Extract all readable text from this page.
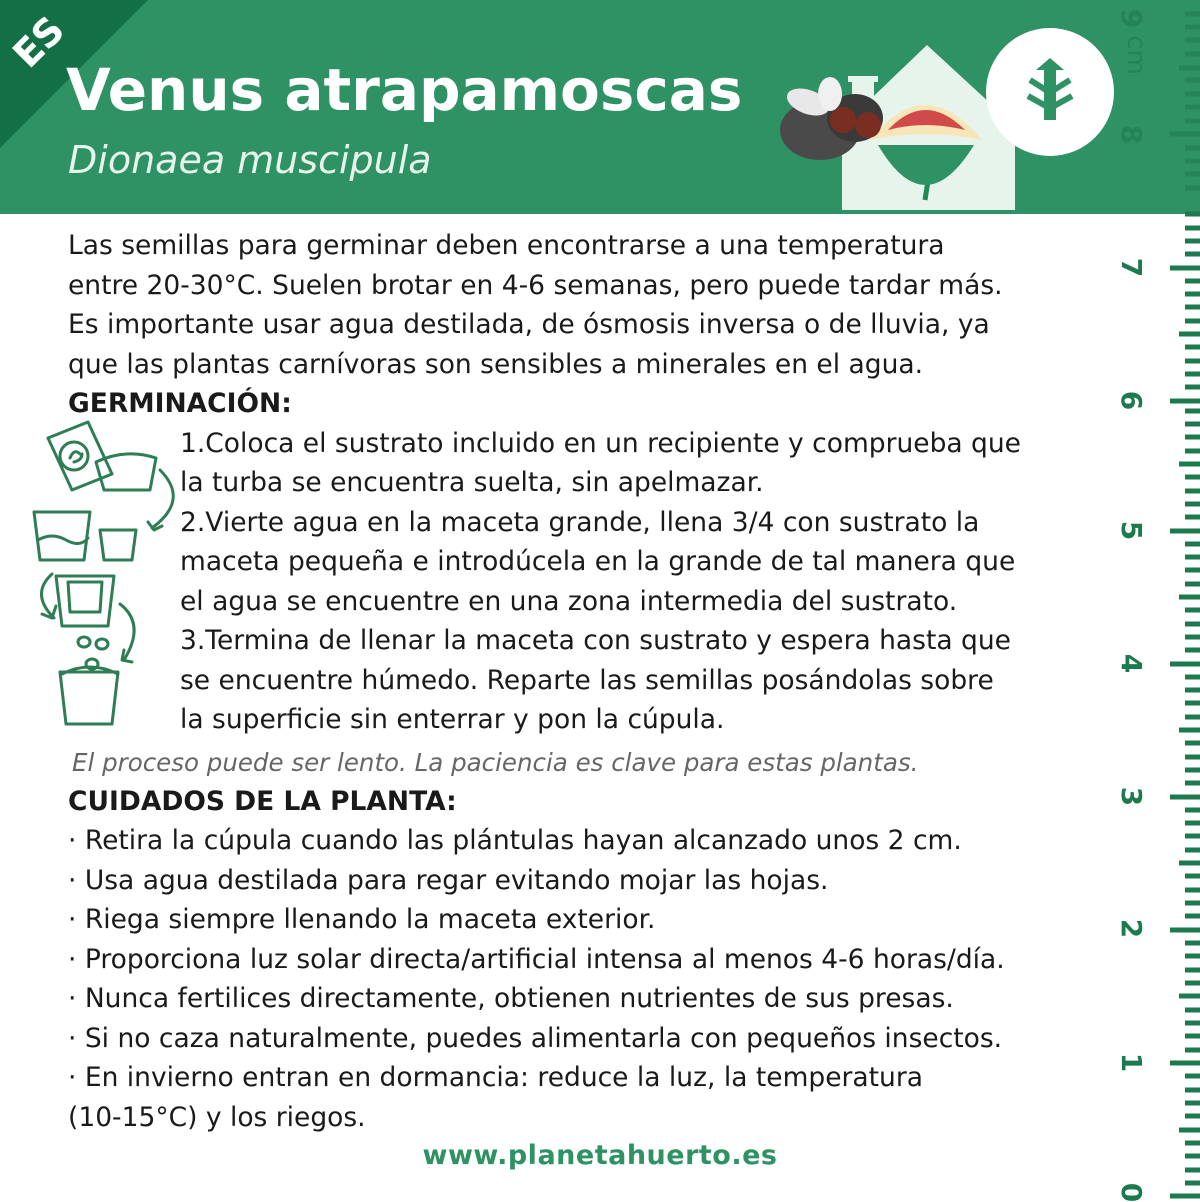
ES
Venus atrapamoscas
Dionaea muscipula
0
1
2
3
4
5
6
7
8
9
cm

Las semillas para germinar deben encontrarse a una temperatura

entre 20-30°C. Suelen brotar en 4-6 semanas, pero puede tardar más.

Es importante usar agua destilada, de ósmosis inversa o de lluvia, ya

que las plantas carnívoras son sensibles a minerales en el agua.

GERMINACIÓN:

1.Coloca el sustrato incluido en un recipiente y comprueba que

la turba se encuentra suelta, sin apelmazar.

2.Vierte agua en la maceta grande, llena 3/4 con sustrato la

maceta pequeña e introdúcela en la grande de tal manera que

el agua se encuentre en una zona intermedia del sustrato.

3.Termina de llenar la maceta con sustrato y espera hasta que

se encuentre húmedo. Reparte las semillas posándolas sobre

la superficie sin enterrar y pon la cúpula.

El proceso puede ser lento. La paciencia es clave para estas plantas.

CUIDADOS DE LA PLANTA:

· Retira la cúpula cuando las plántulas hayan alcanzado unos 2 cm.

· Usa agua destilada para regar evitando mojar las hojas.

· Riega siempre llenando la maceta exterior.

· Proporciona luz solar directa/artificial intensa al menos 4-6 horas/día.

· Nunca fertilices directamente, obtienen nutrientes de sus presas.

· Si no caza naturalmente, puedes alimentarla con pequeños insectos.

· En invierno entran en dormancia: reduce la luz, la temperatura

(10-15°C) y los riegos.

www.planetahuerto.es
